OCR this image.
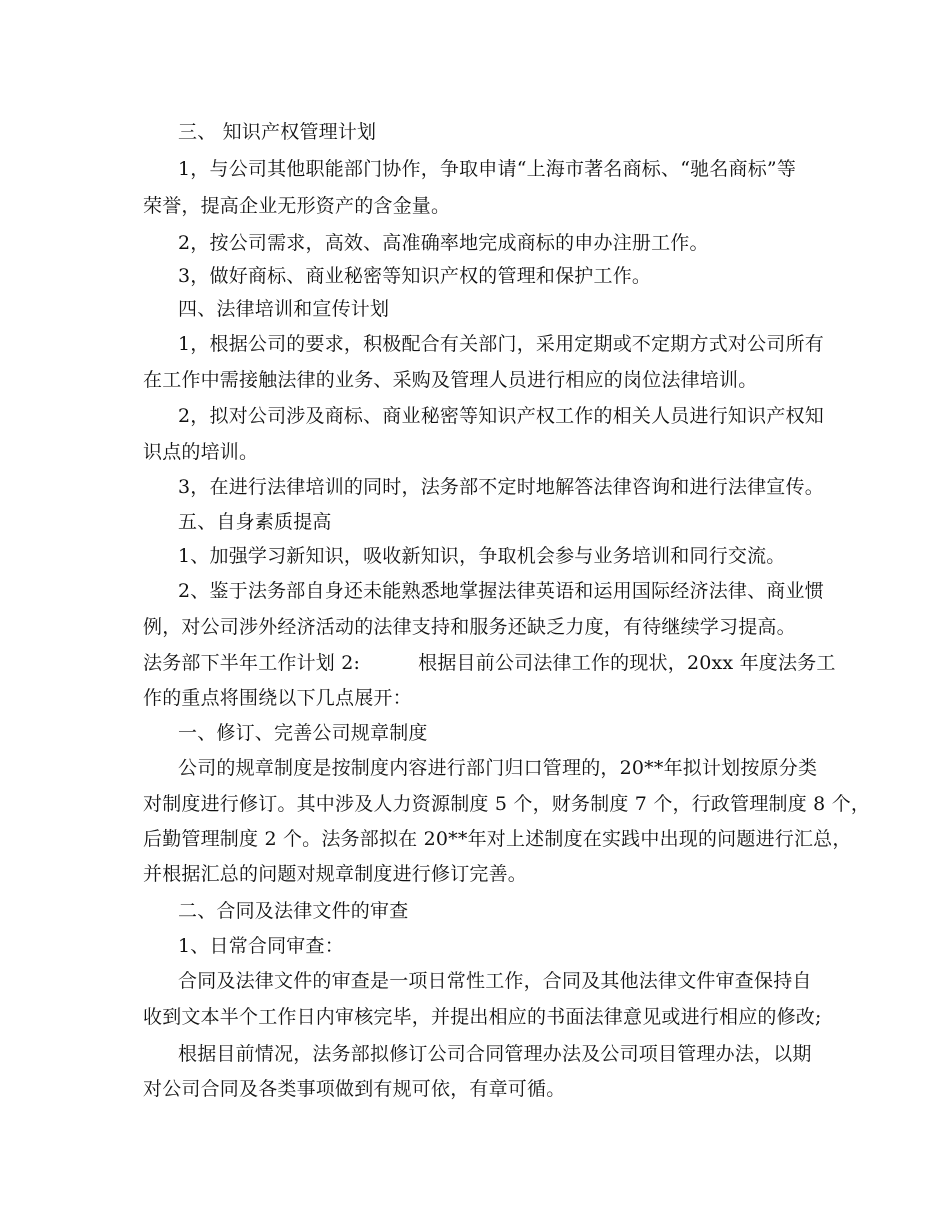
三、 知识产权管理计划
1，与公司其他职能部门协作，争取申请“上海市著名商标、“驰名商标”等
荣誉，提高企业无形资产的含金量。
2，按公司需求，高效、高准确率地完成商标的申办注册工作。
3，做好商标、商业秘密等知识产权的管理和保护工作。
四、法律培训和宣传计划
1，根据公司的要求，积极配合有关部门，采用定期或不定期方式对公司所有
在工作中需接触法律的业务、采购及管理人员进行相应的岗位法律培训。
2，拟对公司涉及商标、商业秘密等知识产权工作的相关人员进行知识产权知
识点的培训。
3，在进行法律培训的同时，法务部不定时地解答法律咨询和进行法律宣传。
五、自身素质提高
1、加强学习新知识，吸收新知识，争取机会参与业务培训和同行交流。
2、鉴于法务部自身还未能熟悉地掌握法律英语和运用国际经济法律、商业惯
例，对公司涉外经济活动的法律支持和服务还缺乏力度，有待继续学习提高。
法务部下半年工作计划 2:	根据目前公司法律工作的现状，20xx 年度法务工
作的重点将围绕以下几点展开：
一、修订、完善公司规章制度
公司的规章制度是按制度内容进行部门归口管理的，20**年拟计划按原分类
对制度进行修订。其中涉及人力资源制度 5 个，财务制度 7 个，行政管理制度 8 个，
后勤管理制度 2 个。法务部拟在 20**年对上述制度在实践中出现的问题进行汇总，
并根据汇总的问题对规章制度进行修订完善。
二、合同及法律文件的审查
1、日常合同审查：
合同及法律文件的审查是一项日常性工作，合同及其他法律文件审查保持自
收到文本半个工作日内审核完毕，并提出相应的书面法律意见或进行相应的修改;
根据目前情况，法务部拟修订公司合同管理办法及公司项目管理办法，以期
对公司合同及各类事项做到有规可依，有章可循。
